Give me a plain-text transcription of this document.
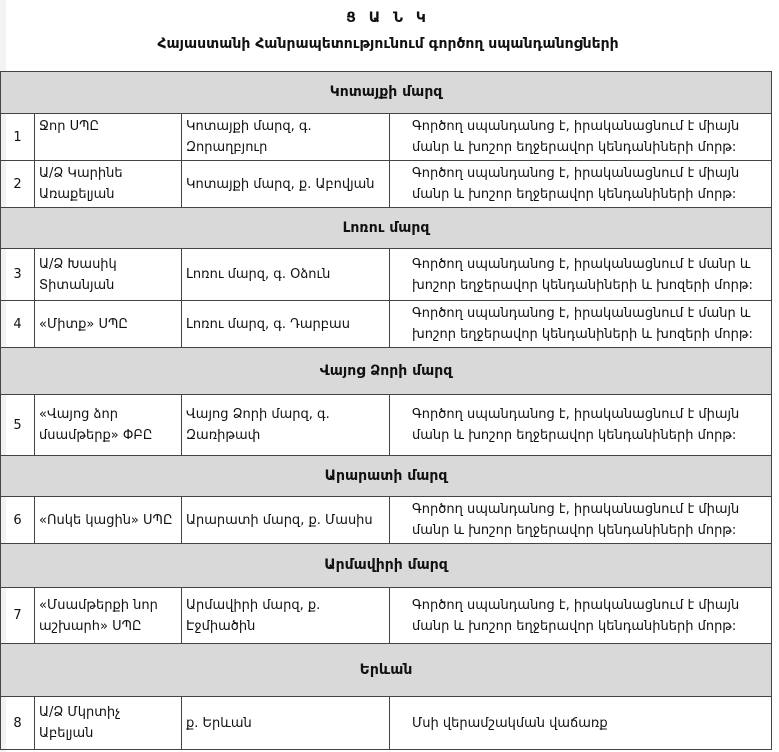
Ց Ա Ն Կ
Հայաստանի Հանրապետությունում գործող սպանդանոցների
Կոտայքի մարզ			
1	Ջոր ՍՊԸ	Կոտայքի մարզ, գ. Զորաղբյուր	Գործող սպանդանոց է, իրականացնում է միայն մանր և խոշոր եղջերավոր կենդանիների մորթ:
2	Ա/Ձ Կարինե Առաքելյան	Կոտայքի մարզ, ք. Աբովյան	Գործող սպանդանոց է, իրականացնում է միայն մանր և խոշոր եղջերավոր կենդանիների մորթ:
Լոռու մարզ			
3	Ա/Ձ Խասիկ Տիտանյան	Լոռու մարզ, գ. Օձուն	Գործող սպանդանոց է, իրականացնում է մանր և խոշոր եղջերավոր կենդանիների և խոզերի մորթ:
4	«Միտք» ՍՊԸ	Լոռու մարզ, գ. Դարբաս	Գործող սպանդանոց է, իրականացնում է մանր և խոշոր եղջերավոր կենդանիների և խոզերի մորթ:
Վայոց Ձորի մարզ			
5	«Վայոց ձոր մսամթերք» ՓԲԸ	Վայոց Ձորի մարզ, գ. Զառիթափ	Գործող սպանդանոց է, իրականացնում է միայն մանր և խոշոր եղջերավոր կենդանիների մորթ:
Արարատի մարզ			
6	«Ոսկե կացին» ՍՊԸ	Արարատի մարզ, ք. Մասիս	Գործող սպանդանոց է, իրականացնում է միայն մանր և խոշոր եղջերավոր կենդանիների մորթ:
Արմավիրի մարզ			
7	«Մսամթերքի նոր աշխարհ» ՍՊԸ	Արմավիրի մարզ, ք. Էջմիածին	Գործող սպանդանոց է, իրականացնում է միայն մանր և խոշոր եղջերավոր կենդանիների մորթ:
Երևան			
8	Ա/Ձ Մկրտիչ Աբելյան	ք. Երևան	Մսի վերամշակման վաճառք
